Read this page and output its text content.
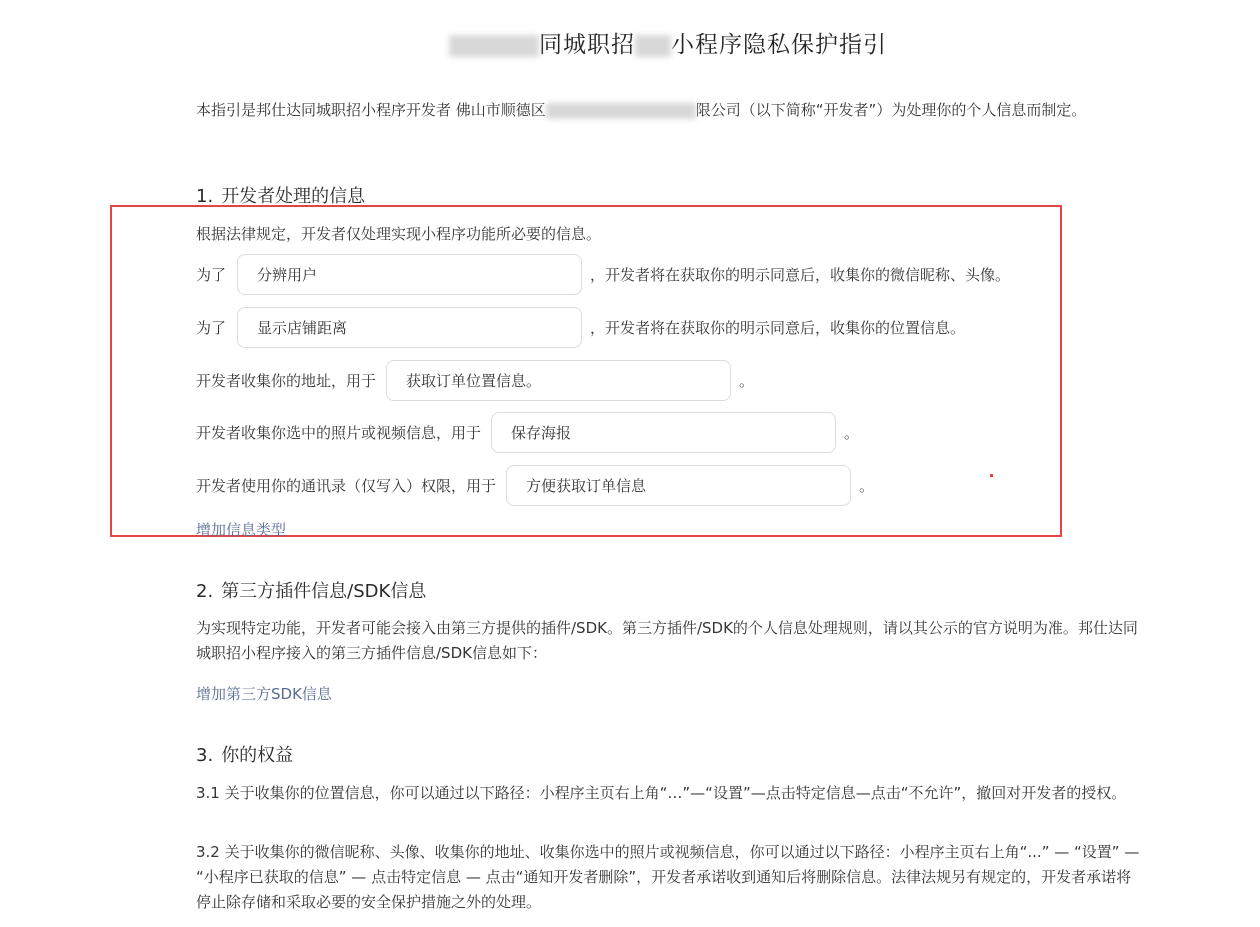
同城职招 小程序隐私保护指引
本指引是邦仕达同城职招小程序开发者 佛山市顺德区	限公司（以下简称“开发者”）为处理你的个人信息而制定。
1. 开发者处理的信息
根据法律规定，开发者仅处理实现小程序功能所必要的信息。
为了 分辨用户	，开发者将在获取你的明示同意后，收集你的微信昵称、头像。
为了 显示店铺距离	，开发者将在获取你的明示同意后，收集你的位置信息。
开发者收集你的地址，用于 获取订单位置信息。	。
开发者收集你选中的照片或视频信息，用于 保存海报	。
开发者使用你的通讯录（仅写入）权限，用于 方便获取订单信息	。
增加信息类型
2. 第三方插件信息/SDK信息
为实现特定功能，开发者可能会接入由第三方提供的插件/SDK。第三方插件/SDK的个人信息处理规则，请以其公示的官方说明为准。邦仕达同城职招小程序接入的第三方插件信息/SDK信息如下：
增加第三方SDK信息
3. 你的权益
3.1 关于收集你的位置信息，你可以通过以下路径：小程序主页右上角“…”—“设置”—点击特定信息—点击“不允许”，撤回对开发者的授权。
3.2 关于收集你的微信昵称、头像、收集你的地址、收集你选中的照片或视频信息，你可以通过以下路径：小程序主页右上角“...” — “设置” — “小程序已获取的信息” — 点击特定信息 — 点击“通知开发者删除”，开发者承诺收到通知后将删除信息。法律法规另有规定的，开发者承诺将停止除存储和采取必要的安全保护措施之外的处理。
